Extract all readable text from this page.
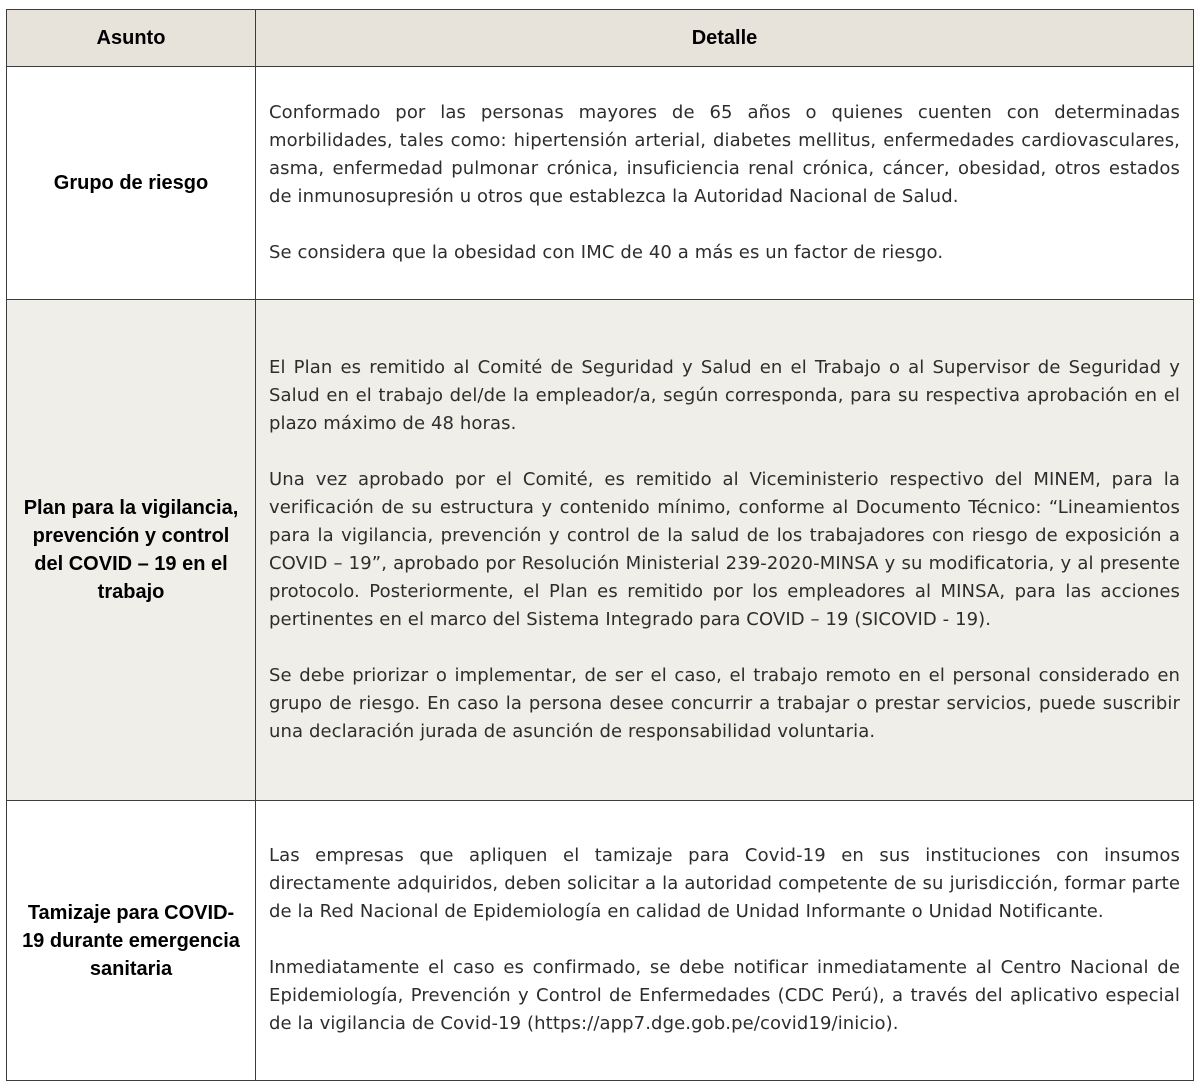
Asunto	Detalle
Grupo de riesgo	Conformado por las personas mayores de 65 años o quienes cuenten con determinadas morbilidades, tales como: hipertensión arterial, diabetes mellitus, enfermedades cardiovasculares, asma, enfermedad pulmonar crónica, insuficiencia renal crónica, cáncer, obesidad, otros estados de inmunosupresión u otros que establezca la Autoridad Nacional de Salud.

Se considera que la obesidad con IMC de 40 a más es un factor de riesgo.

Plan para la vigilancia, prevención y control del COVID – 19 en el trabajo	El Plan es remitido al Comité de Seguridad y Salud en el Trabajo o al Supervisor de Seguridad y Salud en el trabajo del/de la empleador/a, según corresponda, para su respectiva aprobación en el plazo máximo de 48 horas.

Una vez aprobado por el Comité, es remitido al Viceministerio respectivo del MINEM, para la verificación de su estructura y contenido mínimo, conforme al Documento Técnico: “Lineamientos para la vigilancia, prevención y control de la salud de los trabajadores con riesgo de exposición a COVID – 19”, aprobado por Resolución Ministerial 239-2020-MINSA y su modificatoria, y al presente protocolo. Posteriormente, el Plan es remitido por los empleadores al MINSA, para las acciones pertinentes en el marco del Sistema Integrado para COVID – 19 (SICOVID - 19).

Se debe priorizar o implementar, de ser el caso, el trabajo remoto en el personal considerado en grupo de riesgo. En caso la persona desee concurrir a trabajar o prestar servicios, puede suscribir una declaración jurada de asunción de responsabilidad voluntaria.

Tamizaje para COVID-19 durante emergencia sanitaria	Las empresas que apliquen el tamizaje para Covid-19 en sus instituciones con insumos directamente adquiridos, deben solicitar a la autoridad competente de su jurisdicción, formar parte de la Red Nacional de Epidemiología en calidad de Unidad Informante o Unidad Notificante.

Inmediatamente el caso es confirmado, se debe notificar inmediatamente al Centro Nacional de Epidemiología, Prevención y Control de Enfermedades (CDC Perú), a través del aplicativo especial de la vigilancia de Covid-19 (https://app7.dge.gob.pe/covid19/inicio).
